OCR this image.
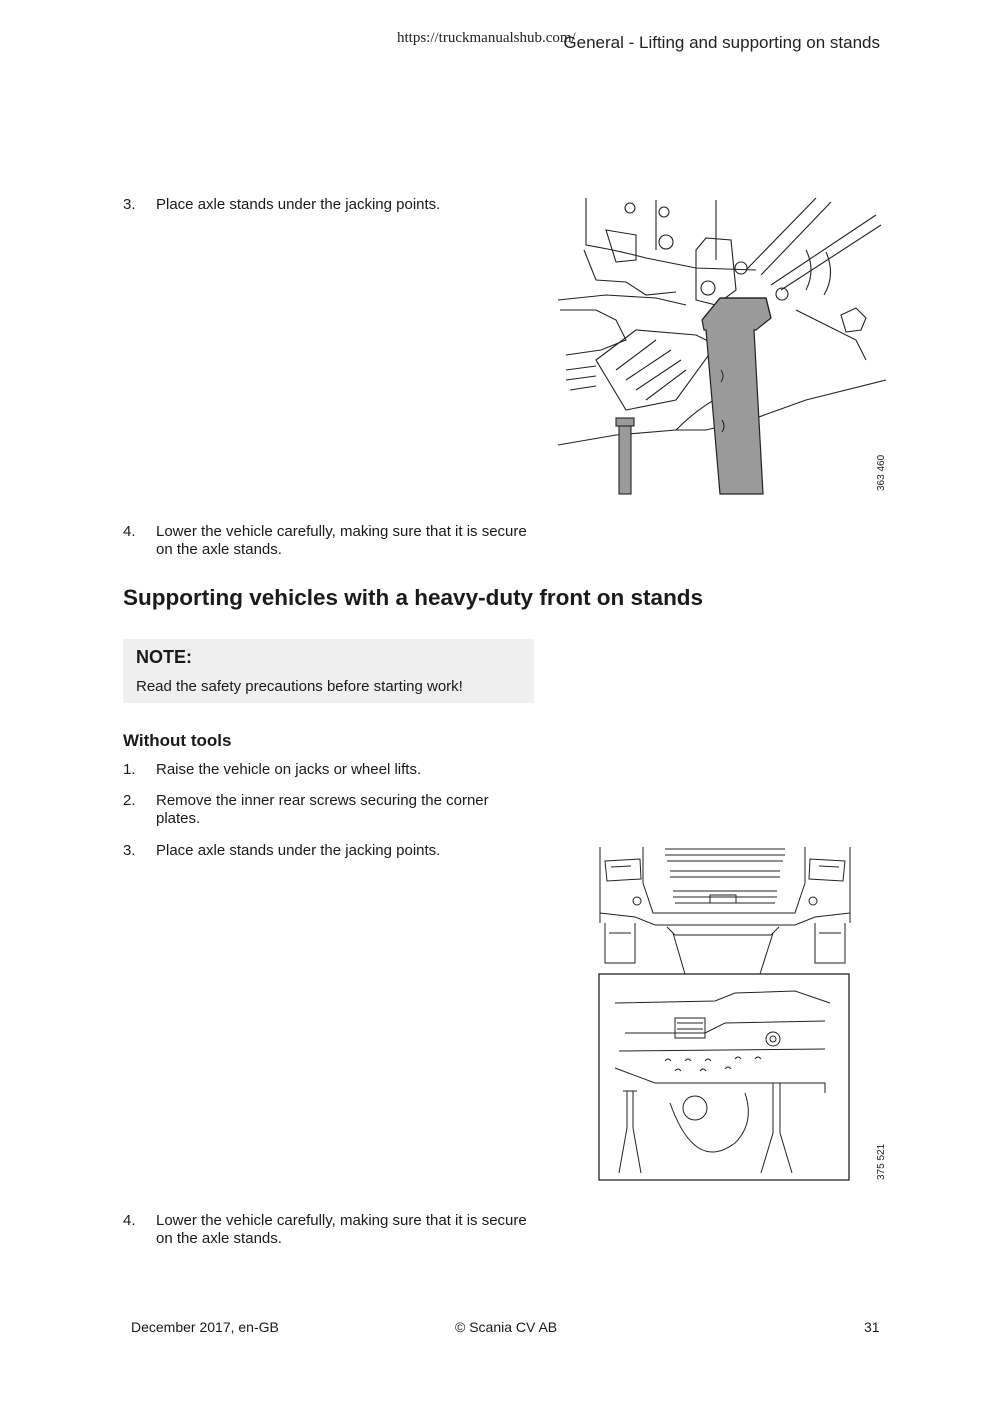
https://truckmanualshub.com/
General - Lifting and supporting on stands
3. Place axle stands under the jacking points.
363 460
4. Lower the vehicle carefully, making sure that it is secure on the axle stands.
Supporting vehicles with a heavy-duty front on stands
NOTE:
Read the safety precautions before starting work!
Without tools
1. Raise the vehicle on jacks or wheel lifts.
2. Remove the inner rear screws securing the corner plates.
3. Place axle stands under the jacking points.
375 521
4. Lower the vehicle carefully, making sure that it is secure on the axle stands.
December 2017, en-GB	© Scania CV AB	31
